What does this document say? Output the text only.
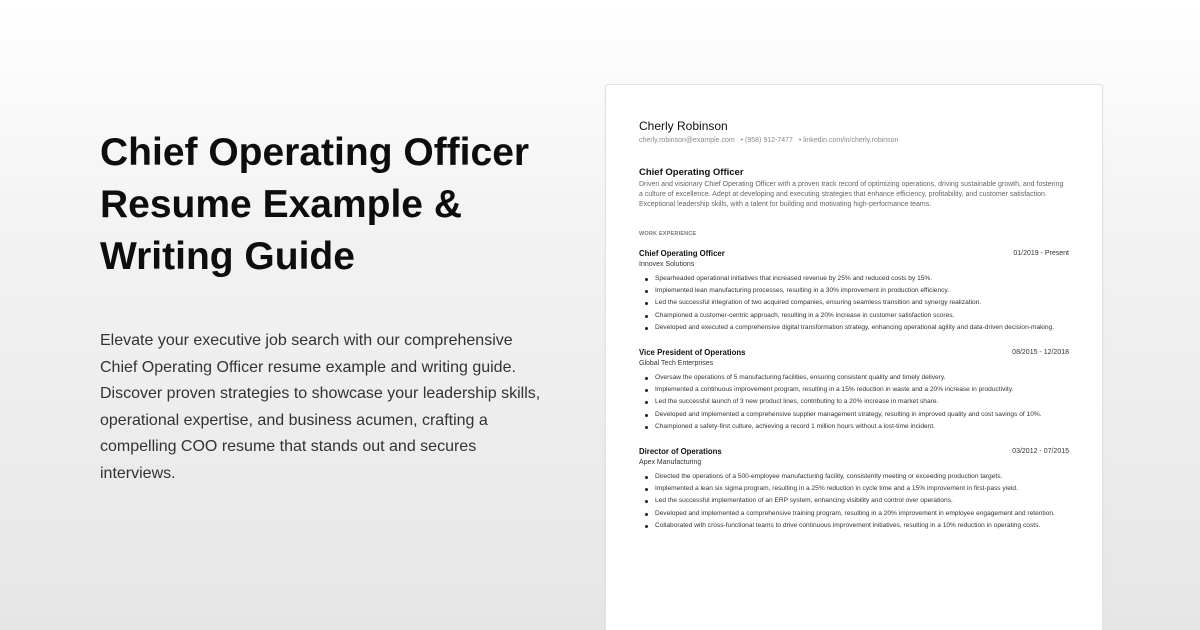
Chief Operating Officer Resume Example & Writing Guide

Elevate your executive job search with our comprehensive Chief Operating Officer resume example and writing guide. Discover proven strategies to showcase your leadership skills, operational expertise, and business acumen, crafting a compelling COO resume that stands out and secures interviews.

Cherly Robinson
cherly.robinson@example.com • (958) 912-7477 • linkedin.com/in/cherly.robinson
Chief Operating Officer
Driven and visionary Chief Operating Officer with a proven track record of optimizing operations, driving sustainable growth, and fostering a culture of excellence. Adept at developing and executing strategies that enhance efficiency, profitability, and customer satisfaction. Exceptional leadership skills, with a talent for building and motivating high-performance teams.
WORK EXPERIENCE
Chief Operating Officer	01/2019 - Present
Innovex Solutions
Spearheaded operational initiatives that increased revenue by 25% and reduced costs by 15%.
Implemented lean manufacturing processes, resulting in a 30% improvement in production efficiency.
Led the successful integration of two acquired companies, ensuring seamless transition and synergy realization.
Championed a customer-centric approach, resulting in a 20% increase in customer satisfaction scores.
Developed and executed a comprehensive digital transformation strategy, enhancing operational agility and data-driven decision-making.
Vice President of Operations	08/2015 - 12/2018
Global Tech Enterprises
Oversaw the operations of 5 manufacturing facilities, ensuring consistent quality and timely delivery.
Implemented a continuous improvement program, resulting in a 15% reduction in waste and a 20% increase in productivity.
Led the successful launch of 3 new product lines, contributing to a 20% increase in market share.
Developed and implemented a comprehensive supplier management strategy, resulting in improved quality and cost savings of 10%.
Championed a safety-first culture, achieving a record 1 million hours without a lost-time incident.
Director of Operations	03/2012 - 07/2015
Apex Manufacturing
Directed the operations of a 500-employee manufacturing facility, consistently meeting or exceeding production targets.
Implemented a lean six sigma program, resulting in a 25% reduction in cycle time and a 15% improvement in first-pass yield.
Led the successful implementation of an ERP system, enhancing visibility and control over operations.
Developed and implemented a comprehensive training program, resulting in a 20% improvement in employee engagement and retention.
Collaborated with cross-functional teams to drive continuous improvement initiatives, resulting in a 10% reduction in operating costs.
